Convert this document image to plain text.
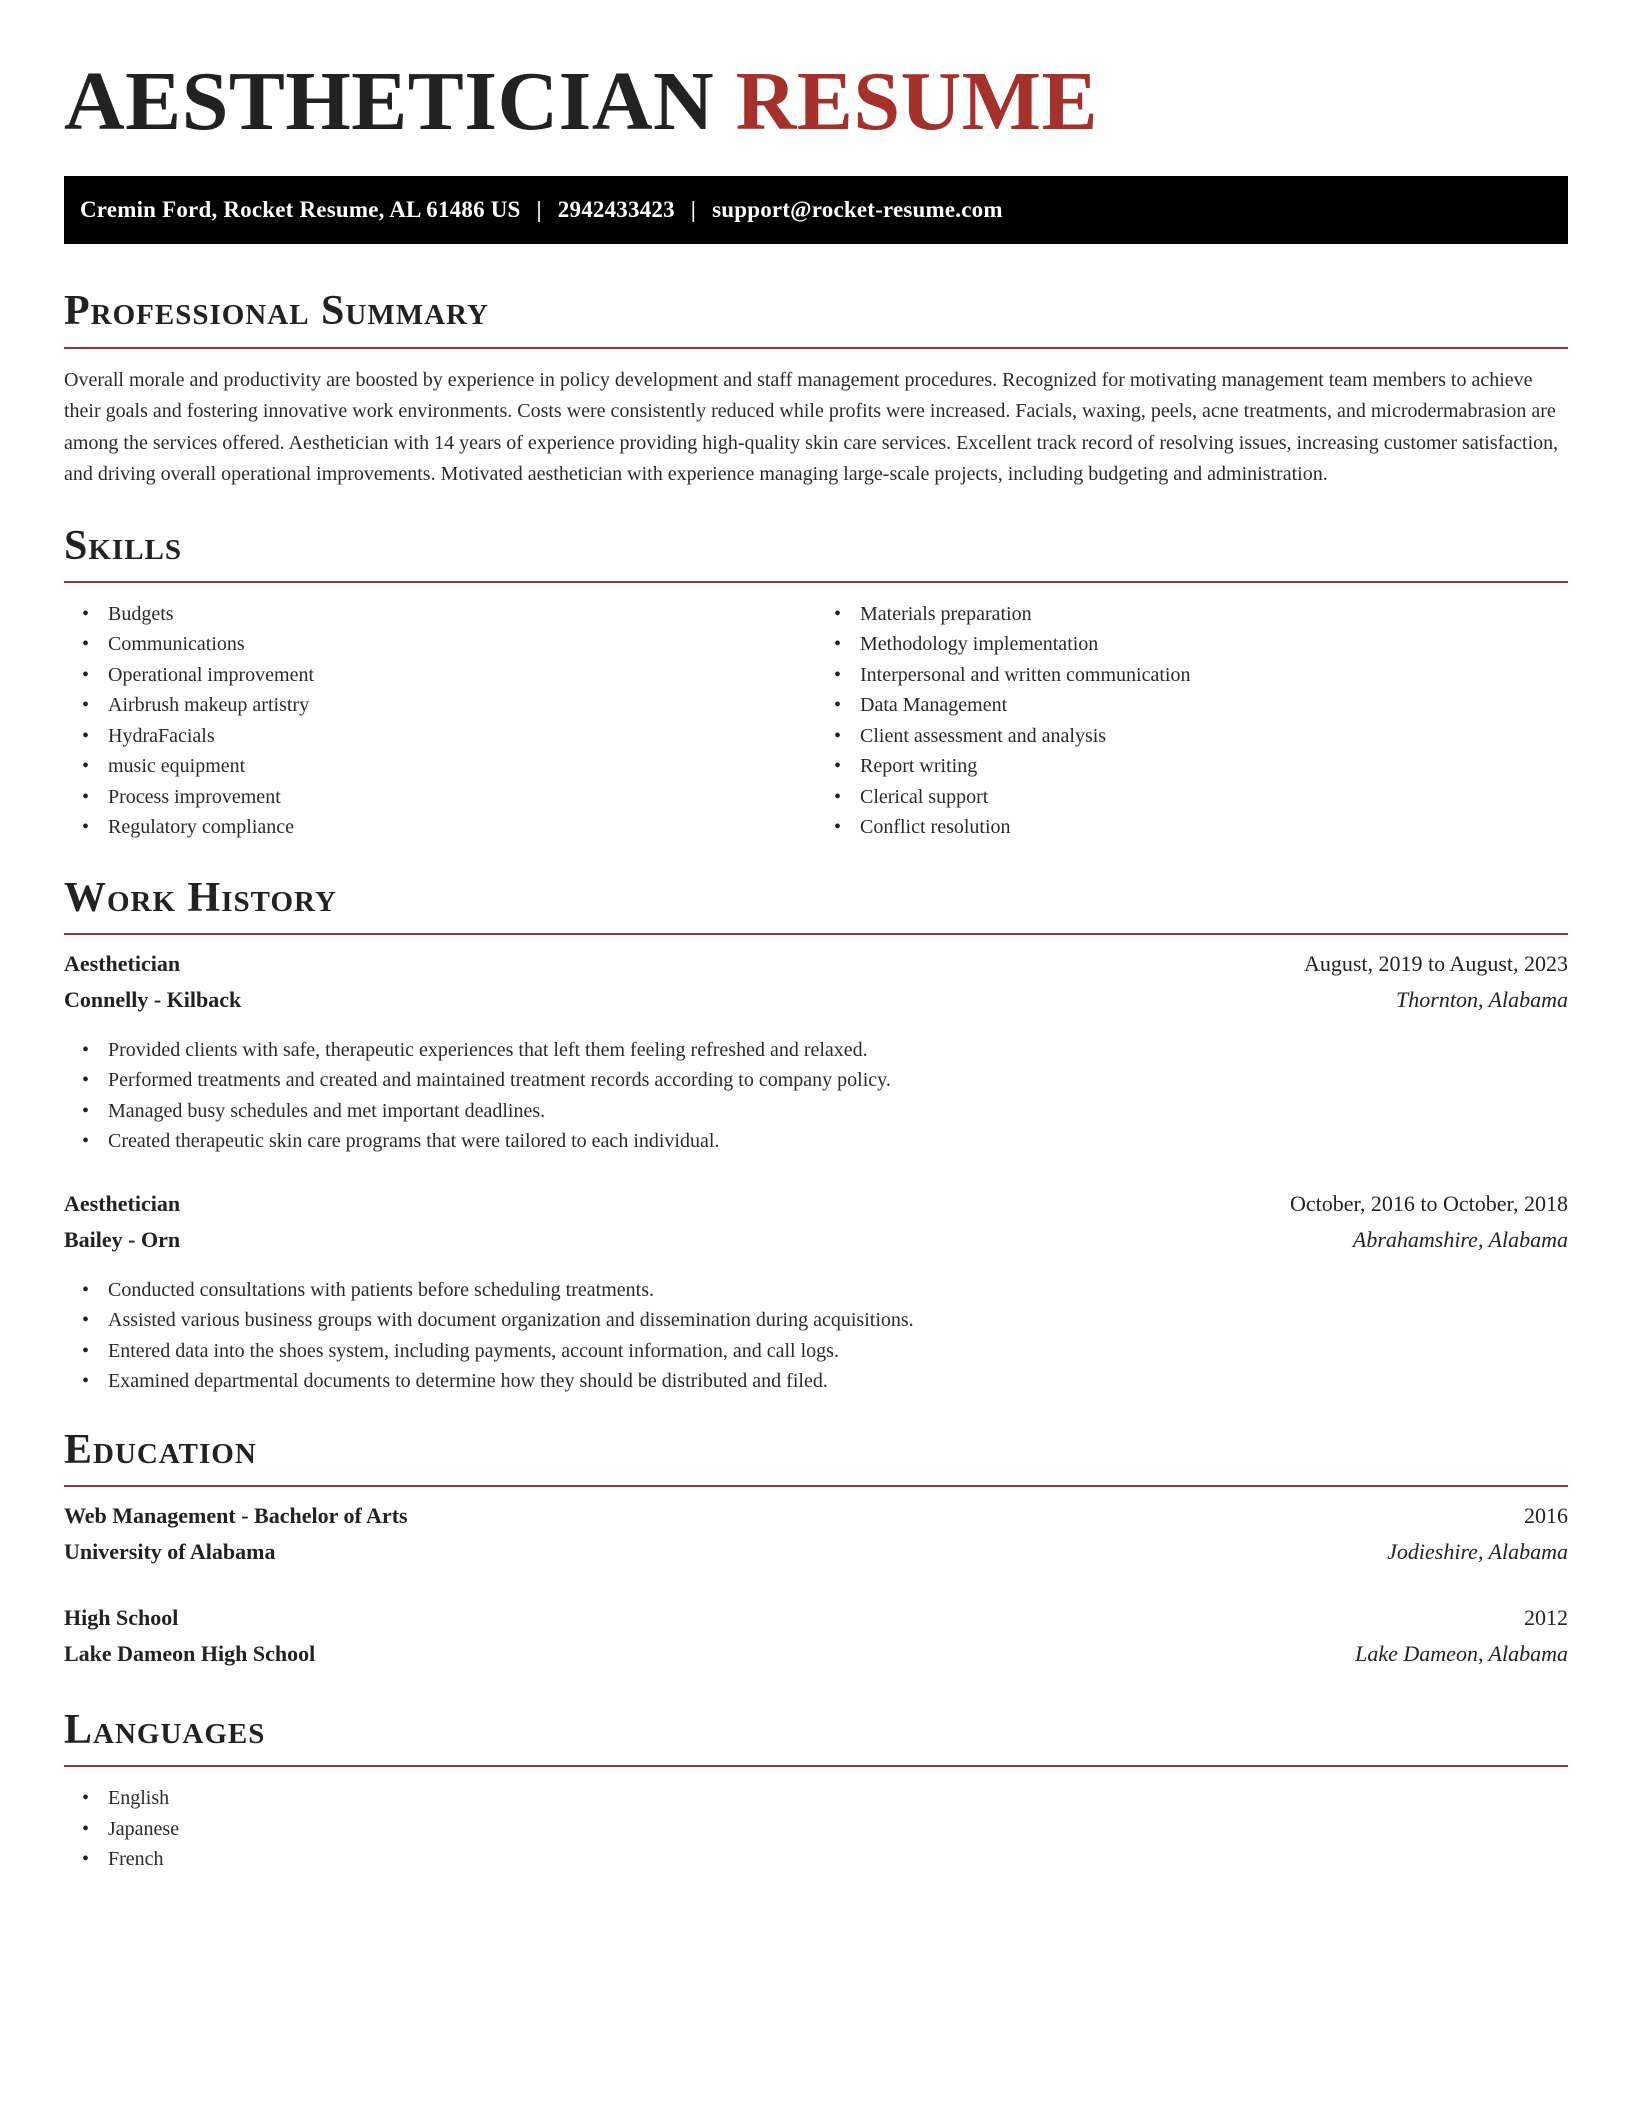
AESTHETICIAN RESUME
Cremin Ford, Rocket Resume, AL 61486 US | 2942433423 | support@rocket-resume.com
Professional Summary

Overall morale and productivity are boosted by experience in policy development and staff management procedures. Recognized for motivating management team members to achieve their goals and fostering innovative work environments. Costs were consistently reduced while profits were increased. Facials, waxing, peels, acne treatments, and microdermabrasion are among the services offered. Aesthetician with 14 years of experience providing high-quality skin care services. Excellent track record of resolving issues, increasing customer satisfaction, and driving overall operational improvements. Motivated aesthetician with experience managing large-scale projects, including budgeting and administration.

Skills
• Budgets
• Communications
• Operational improvement
• Airbrush makeup artistry
• HydraFacials
• music equipment
• Process improvement
• Regulatory compliance
• Materials preparation
• Methodology implementation
• Interpersonal and written communication
• Data Management
• Client assessment and analysis
• Report writing
• Clerical support
• Conflict resolution
Work History
Aesthetician	August, 2019 to August, 2023
Connelly - Kilback	Thornton, Alabama
• Provided clients with safe, therapeutic experiences that left them feeling refreshed and relaxed.
• Performed treatments and created and maintained treatment records according to company policy.
• Managed busy schedules and met important deadlines.
• Created therapeutic skin care programs that were tailored to each individual.
Aesthetician	October, 2016 to October, 2018
Bailey - Orn	Abrahamshire, Alabama
• Conducted consultations with patients before scheduling treatments.
• Assisted various business groups with document organization and dissemination during acquisitions.
• Entered data into the shoes system, including payments, account information, and call logs.
• Examined departmental documents to determine how they should be distributed and filed.
Education
Web Management - Bachelor of Arts	2016
University of Alabama	Jodieshire, Alabama
High School	2012
Lake Dameon High School	Lake Dameon, Alabama
Languages
• English
• Japanese
• French
